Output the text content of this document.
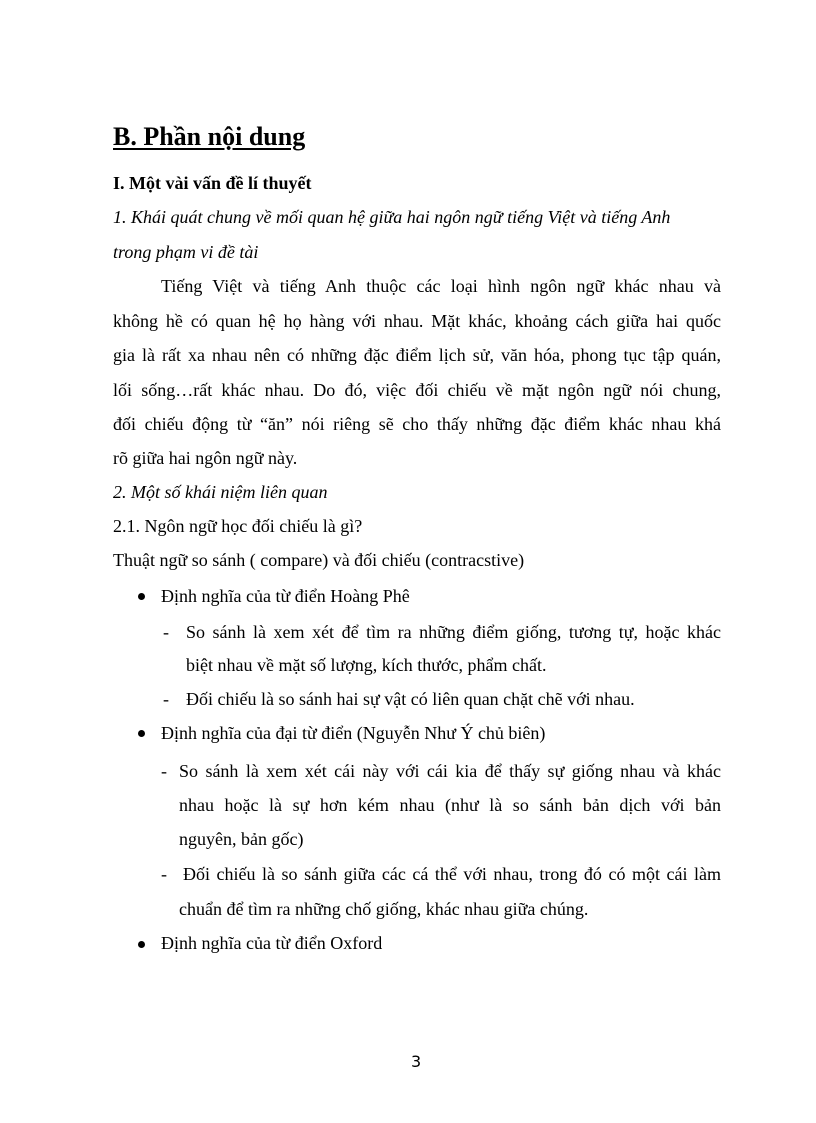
B. Phần nội dung
I. Một vài vấn đề lí thuyết
1. Khái quát chung về mối quan hệ giữa hai ngôn ngữ tiếng Việt và tiếng Anh
trong phạm vi đề tài
Tiếng Việt và tiếng Anh thuộc các loại hình ngôn ngữ khác nhau và
không hề có quan hệ họ hàng với nhau. Mặt khác, khoảng cách giữa hai quốc
gia là rất xa nhau nên có những đặc điểm lịch sử, văn hóa, phong tục tập quán,
lối sống…rất khác nhau. Do đó, việc đối chiếu về mặt ngôn ngữ nói chung,
đối chiếu động từ “ăn” nói riêng sẽ cho thấy những đặc điểm khác nhau khá
rõ giữa hai ngôn ngữ này.
2. Một số khái niệm liên quan
2.1. Ngôn ngữ học đối chiếu là gì?
Thuật ngữ so sánh ( compare) và đối chiếu (contracstive)
Định nghĩa của từ điển Hoàng Phê
- So sánh là xem xét để tìm ra những điểm giống, tương tự, hoặc khác
biệt nhau về mặt số lượng, kích thước, phẩm chất.
- Đối chiếu là so sánh hai sự vật có liên quan chặt chẽ với nhau.
Định nghĩa của đại từ điển (Nguyễn Như Ý chủ biên)
- So sánh là xem xét cái này với cái kia để thấy sự giống nhau và khác
nhau hoặc là sự hơn kém nhau (như là so sánh bản dịch với bản
nguyên, bản gốc)
- Đối chiếu là so sánh giữa các cá thể với nhau, trong đó có một cái làm
chuẩn để tìm ra những chố giống, khác nhau giữa chúng.
Định nghĩa của từ điển Oxford
3
